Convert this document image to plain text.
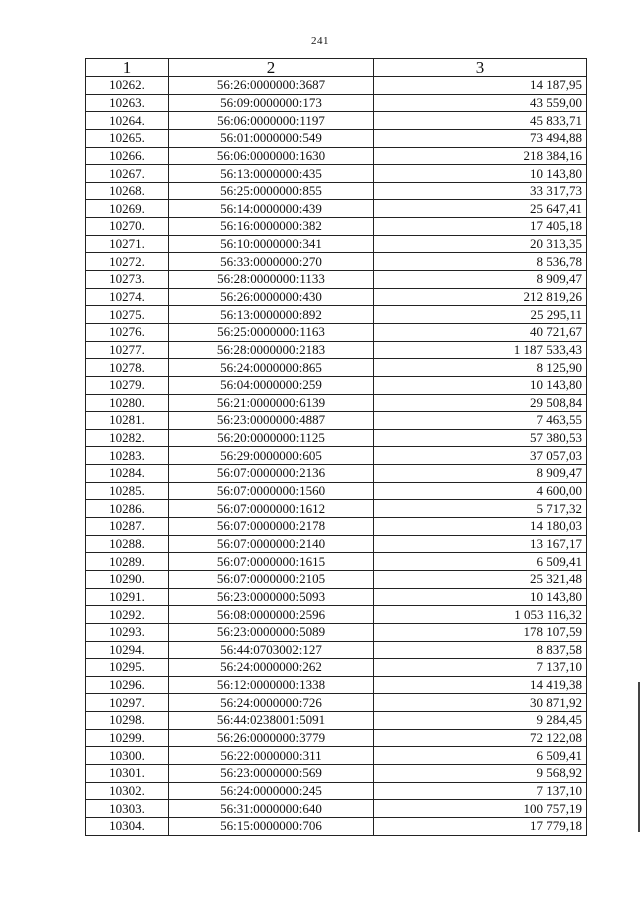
241
1	2	3
10262.	56:26:0000000:3687	14 187,95
10263.	56:09:0000000:173	43 559,00
10264.	56:06:0000000:1197	45 833,71
10265.	56:01:0000000:549	73 494,88
10266.	56:06:0000000:1630	218 384,16
10267.	56:13:0000000:435	10 143,80
10268.	56:25:0000000:855	33 317,73
10269.	56:14:0000000:439	25 647,41
10270.	56:16:0000000:382	17 405,18
10271.	56:10:0000000:341	20 313,35
10272.	56:33:0000000:270	8 536,78
10273.	56:28:0000000:1133	8 909,47
10274.	56:26:0000000:430	212 819,26
10275.	56:13:0000000:892	25 295,11
10276.	56:25:0000000:1163	40 721,67
10277.	56:28:0000000:2183	1 187 533,43
10278.	56:24:0000000:865	8 125,90
10279.	56:04:0000000:259	10 143,80
10280.	56:21:0000000:6139	29 508,84
10281.	56:23:0000000:4887	7 463,55
10282.	56:20:0000000:1125	57 380,53
10283.	56:29:0000000:605	37 057,03
10284.	56:07:0000000:2136	8 909,47
10285.	56:07:0000000:1560	4 600,00
10286.	56:07:0000000:1612	5 717,32
10287.	56:07:0000000:2178	14 180,03
10288.	56:07:0000000:2140	13 167,17
10289.	56:07:0000000:1615	6 509,41
10290.	56:07:0000000:2105	25 321,48
10291.	56:23:0000000:5093	10 143,80
10292.	56:08:0000000:2596	1 053 116,32
10293.	56:23:0000000:5089	178 107,59
10294.	56:44:0703002:127	8 837,58
10295.	56:24:0000000:262	7 137,10
10296.	56:12:0000000:1338	14 419,38
10297.	56:24:0000000:726	30 871,92
10298.	56:44:0238001:5091	9 284,45
10299.	56:26:0000000:3779	72 122,08
10300.	56:22:0000000:311	6 509,41
10301.	56:23:0000000:569	9 568,92
10302.	56:24:0000000:245	7 137,10
10303.	56:31:0000000:640	100 757,19
10304.	56:15:0000000:706	17 779,18
